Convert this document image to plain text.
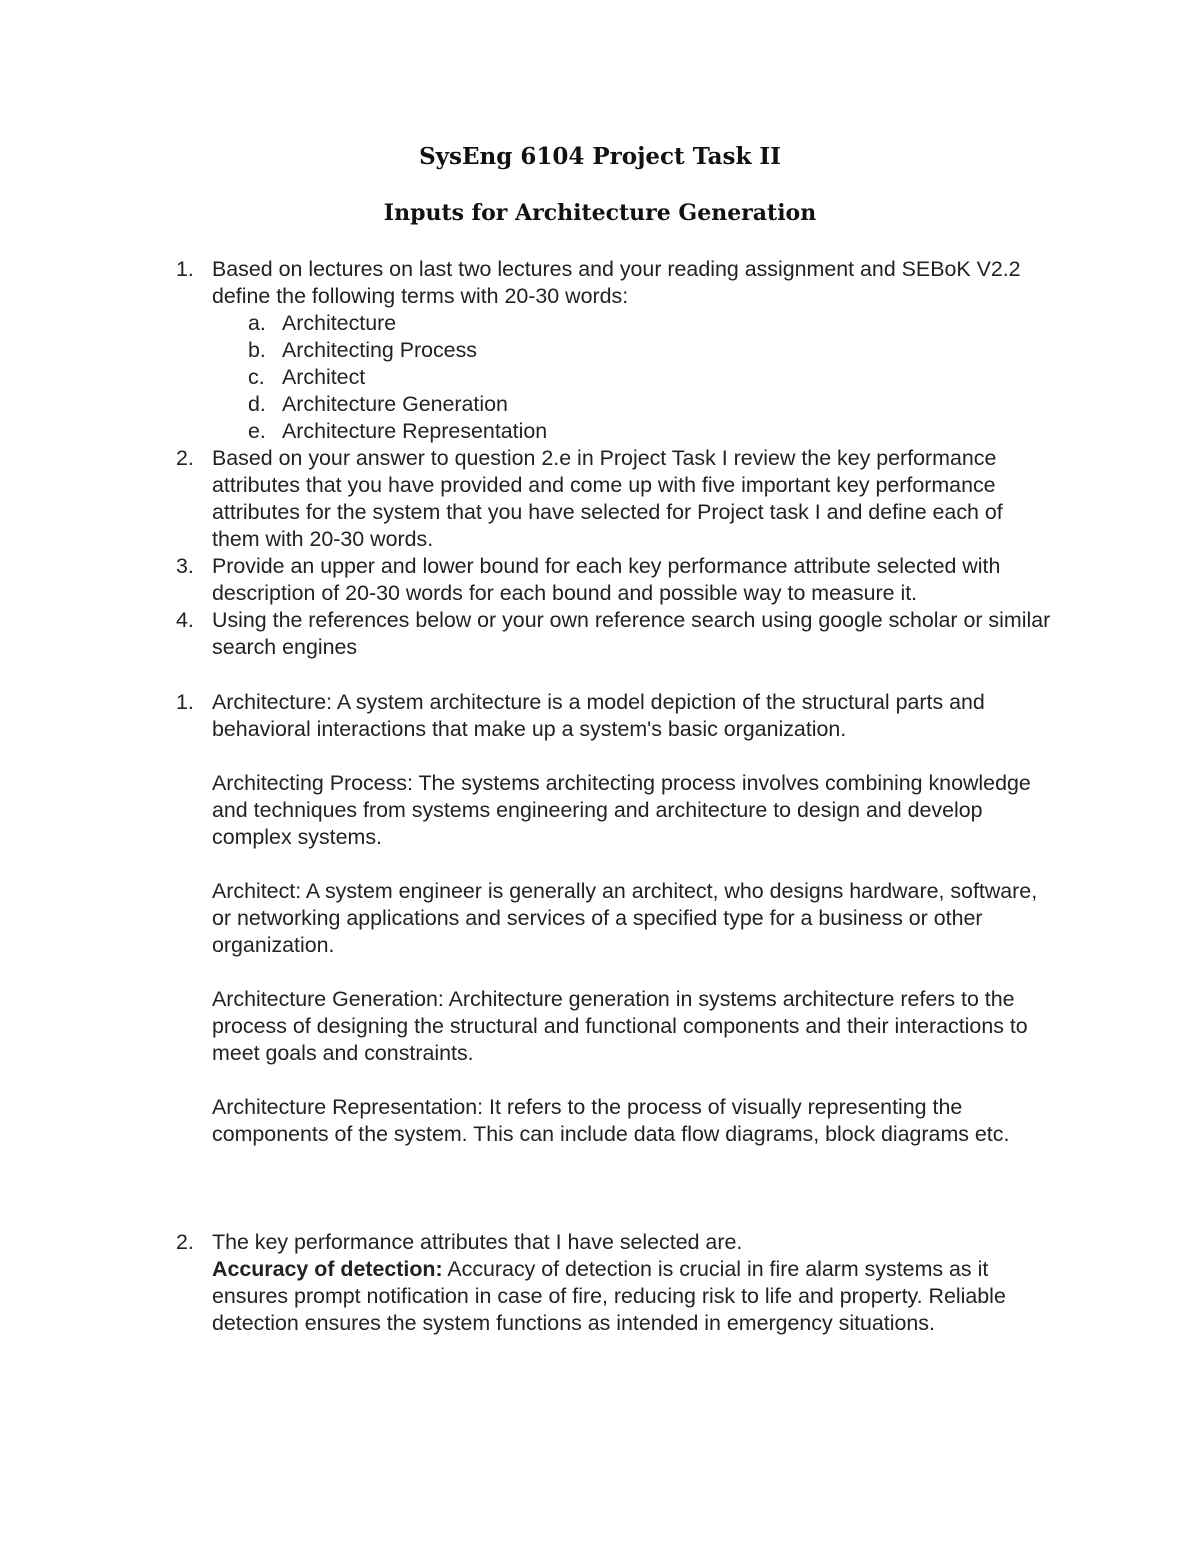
SysEng 6104 Project Task II
Inputs for Architecture Generation
1. Based on lectures on last two lectures and your reading assignment and SEBoK V2.2 define the following terms with 20-30 words:
a. Architecture
b. Architecting Process
c. Architect
d. Architecture Generation
e. Architecture Representation
2. Based on your answer to question 2.e in Project Task I review the key performance attributes that you have provided and come up with five important key performance attributes for the system that you have selected for Project task I and define each of them with 20-30 words.
3. Provide an upper and lower bound for each key performance attribute selected with description of 20-30 words for each bound and possible way to measure it.
4. Using the references below or your own reference search using google scholar or similar search engines
1. Architecture: A system architecture is a model depiction of the structural parts and behavioral interactions that make up a system's basic organization.
Architecting Process: The systems architecting process involves combining knowledge and techniques from systems engineering and architecture to design and develop complex systems.
Architect: A system engineer is generally an architect, who designs hardware, software, or networking applications and services of a specified type for a business or other organization.
Architecture Generation: Architecture generation in systems architecture refers to the process of designing the structural and functional components and their interactions to meet goals and constraints.
Architecture Representation: It refers to the process of visually representing the components of the system. This can include data flow diagrams, block diagrams etc.
2. The key performance attributes that I have selected are.
Accuracy of detection: Accuracy of detection is crucial in fire alarm systems as it ensures prompt notification in case of fire, reducing risk to life and property. Reliable detection ensures the system functions as intended in emergency situations.
